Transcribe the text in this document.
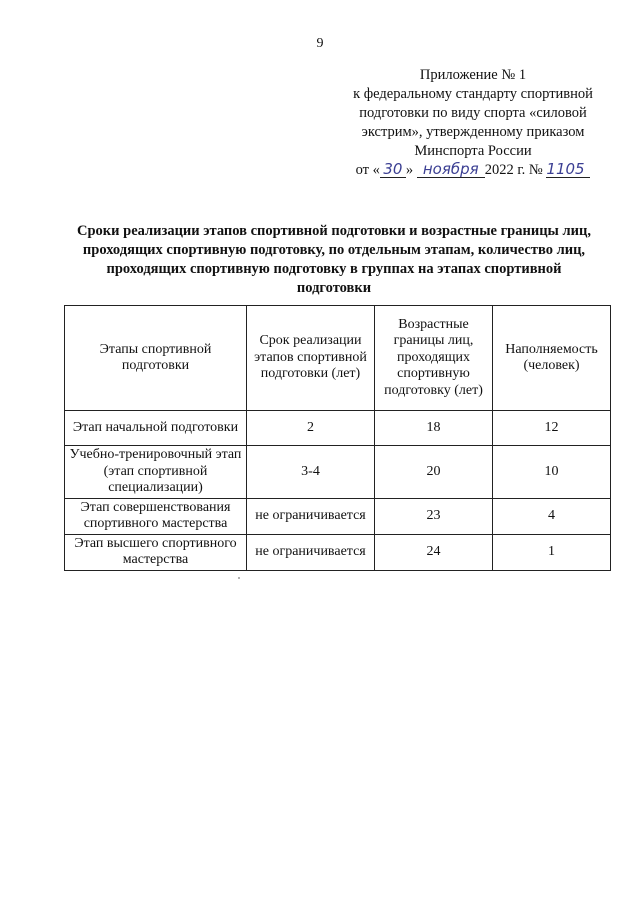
9
Приложение № 1
к федеральному стандарту спортивной
подготовки по виду спорта «силовой
экстрим», утвержденному приказом
Минспорта России
от « 30 » ноября 2022 г. № 1105
Сроки реализации этапов спортивной подготовки и возрастные границы лиц,
проходящих спортивную подготовку, по отдельным этапам, количество лиц,
проходящих спортивную подготовку в группах на этапах спортивной
подготовки
Этапы спортивной подготовки	Срок реализации этапов спортивной подготовки (лет)	Возрастные границы лиц, проходящих спортивную подготовку (лет)	Наполняемость (человек)
Этап начальной подготовки	2	18	12
Учебно-тренировочный этап (этап спортивной специализации)	3-4	20	10
Этап совершенствования спортивного мастерства	не ограничивается	23	4
Этап высшего спортивного мастерства	не ограничивается	24	1
